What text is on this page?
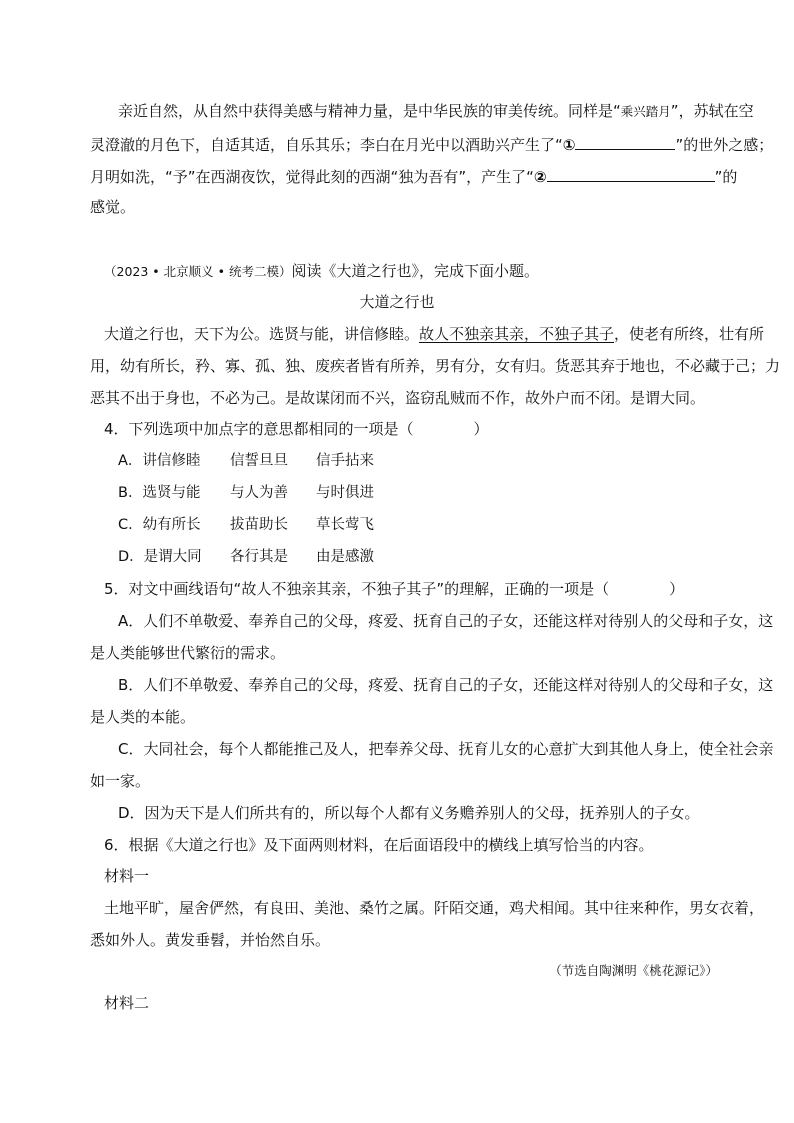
亲近自然，从自然中获得美感与精神力量，是中华民族的审美传统。同样是“乘兴踏月”，苏轼在空
灵澄澈的月色下，自适其适，自乐其乐；李白在月光中以酒助兴产生了“①	”的世外之感；
月明如洗，“予”在西湖夜饮，觉得此刻的西湖“独为吾有”，产生了“②	”的
感觉。
（2023 • 北京顺义 • 统考二模）阅读《大道之行也》，完成下面小题。
大道之行也
大道之行也，天下为公。选贤与能，讲信修睦。故人不独亲其亲，不独子其子，使老有所终，壮有所
用，幼有所长，矜、寡、孤、独、废疾者皆有所养，男有分，女有归。货恶其弃于地也，不必藏于己；力
恶其不出于身也，不必为己。是故谋闭而不兴，盗窃乱贼而不作，故外户而不闭。是谓大同。
4．下列选项中加点字的意思都相同的一项是（　　　　）
A．讲信修睦 信誓旦旦 信手拈来
B．选贤与能 与人为善 与时俱进
C．幼有所长 拔苗助长 草长莺飞
D．是谓大同 各行其是 由是感激
5．对文中画线语句“故人不独亲其亲，不独子其子”的理解，正确的一项是（　　　　）
A．人们不单敬爱、奉养自己的父母，疼爱、抚育自己的子女，还能这样对待别人的父母和子女，这
是人类能够世代繁衍的需求。
B．人们不单敬爱、奉养自己的父母，疼爱、抚育自己的子女，还能这样对待别人的父母和子女，这
是人类的本能。
C．大同社会，每个人都能推己及人，把奉养父母、抚育儿女的心意扩大到其他人身上，使全社会亲
如一家。
D．因为天下是人们所共有的，所以每个人都有义务赡养别人的父母，抚养别人的子女。
6．根据《大道之行也》及下面两则材料，在后面语段中的横线上填写恰当的内容。
材料一
土地平旷，屋舍俨然，有良田、美池、桑竹之属。阡陌交通，鸡犬相闻。其中往来种作，男女衣着，
悉如外人。黄发垂髫，并怡然自乐。
（节选自陶渊明《桃花源记》）
材料二
